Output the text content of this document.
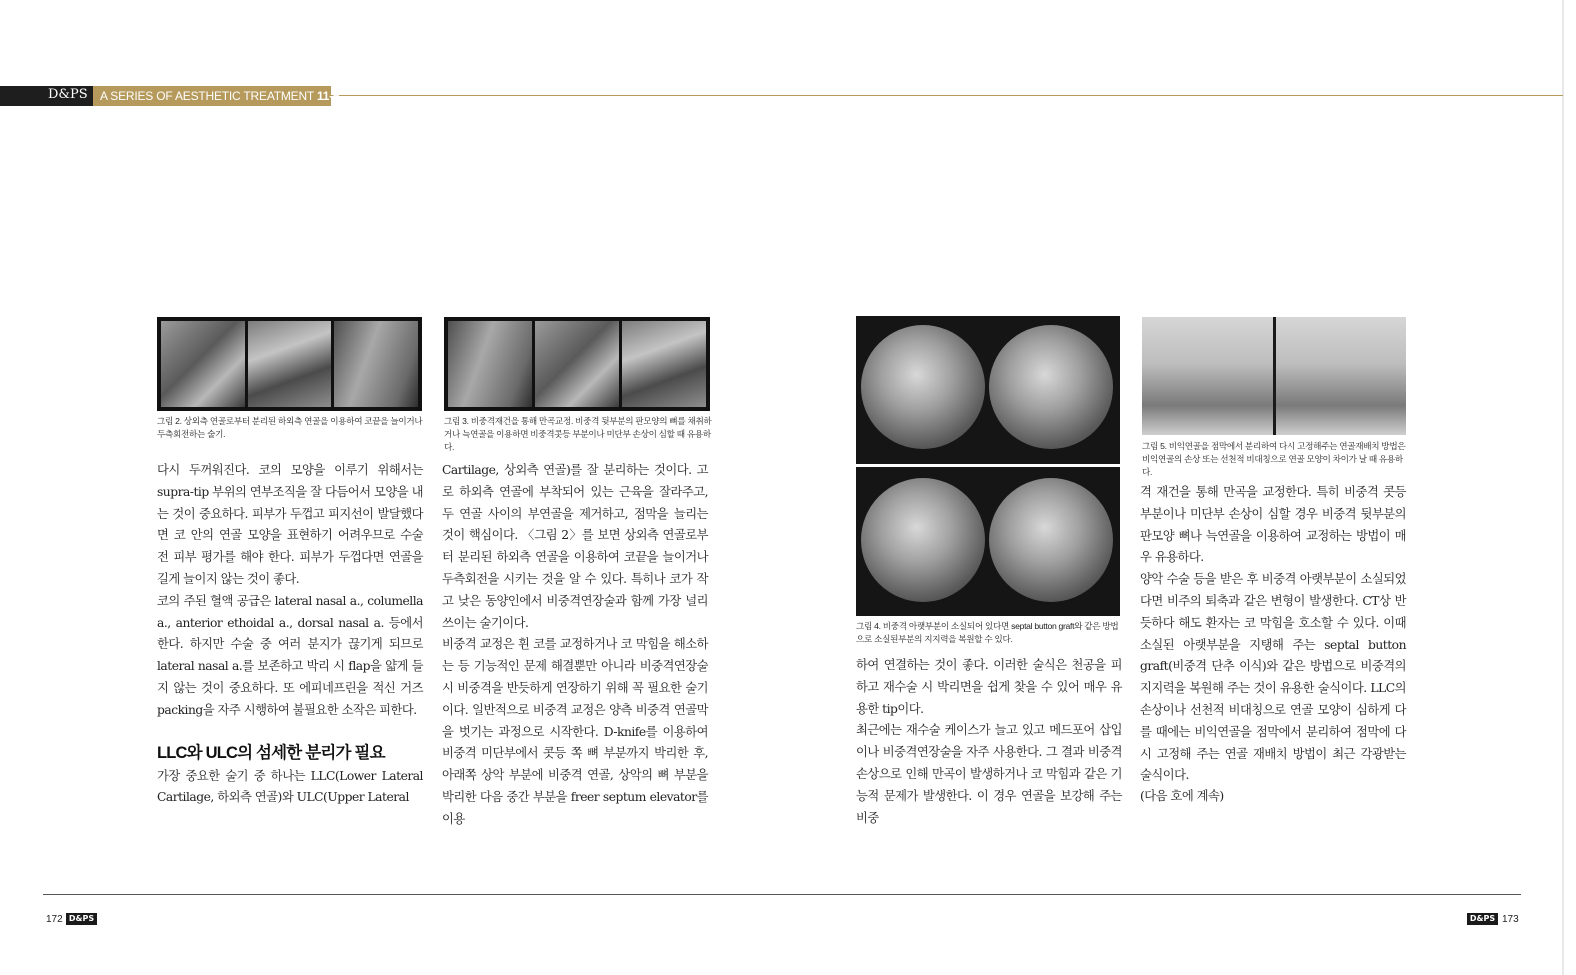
D&PS A SERIES OF AESTHETIC TREATMENT 11-6
그림 2. 상외측 연골로부터 분리된 하외측 연골을 이용하여 코끝을 늘이거나 두측회전하는 술기.
그림 3. 비중격재건을 통해 만곡교정. 비중격 뒷부분의 판모양의 뼈를 채취하거나 늑연골을 이용하면 비중격콧등 부분이나 미단부 손상이 심할 때 유용하다.
그림 4. 비중격 아랫부분이 소실되어 있다면 septal button graft와 같은 방법으로 소실된부분의 지지력을 복원할 수 있다.
그림 5. 비익연골을 점막에서 분리하여 다시 고정해주는 연골재배치 방법은 비익연골의 손상 또는 선천적 비대칭으로 연골 모양이 차이가 날 때 유용하다.

다시 두꺼워진다. 코의 모양을 이루기 위해서는 supra-tip 부위의 연부조직을 잘 다듬어서 모양을 내는 것이 중요하다. 피부가 두껍고 피지선이 발달했다면 코 안의 연골 모양을 표현하기 어려우므로 수술 전 피부 평가를 해야 한다. 피부가 두껍다면 연골을 길게 늘이지 않는 것이 좋다.

코의 주된 혈액 공급은 lateral nasal a., columella a., anterior ethoidal a., dorsal nasal a. 등에서 한다. 하지만 수술 중 여러 분지가 끊기게 되므로 lateral nasal a.를 보존하고 박리 시 flap을 얇게 들지 않는 것이 중요하다. 또 에피네프린을 적신 거즈 packing을 자주 시행하여 불필요한 소작은 피한다.

LLC와 ULC의 섬세한 분리가 필요

가장 중요한 술기 중 하나는 LLC(Lower Lateral Cartilage, 하외측 연골)와 ULC(Upper Lateral

Cartilage, 상외측 연골)를 잘 분리하는 것이다. 고로 하외측 연골에 부착되어 있는 근육을 잘라주고, 두 연골 사이의 부연골을 제거하고, 점막을 늘리는 것이 핵심이다. 〈그림 2〉를 보면 상외측 연골로부터 분리된 하외측 연골을 이용하여 코끝을 늘이거나 두측회전을 시키는 것을 알 수 있다. 특히나 코가 작고 낮은 동양인에서 비중격연장술과 함께 가장 널리 쓰이는 술기이다.

비중격 교정은 휜 코를 교정하거나 코 막힘을 해소하는 등 기능적인 문제 해결뿐만 아니라 비중격연장술시 비중격을 반듯하게 연장하기 위해 꼭 필요한 술기이다. 일반적으로 비중격 교정은 양측 비중격 연골막을 벗기는 과정으로 시작한다. D-knife를 이용하여 비중격 미단부에서 콧등 쪽 뼈 부분까지 박리한 후, 아래쪽 상악 부분에 비중격 연골, 상악의 뼈 부분을 박리한 다음 중간 부분을 freer septum elevator를 이용

하여 연결하는 것이 좋다. 이러한 술식은 천공을 피하고 재수술 시 박리면을 쉽게 찾을 수 있어 매우 유용한 tip이다.

최근에는 재수술 케이스가 늘고 있고 메드포어 삽입이나 비중격연장술을 자주 사용한다. 그 결과 비중격 손상으로 인해 만곡이 발생하거나 코 막힘과 같은 기능적 문제가 발생한다. 이 경우 연골을 보강해 주는 비중

격 재건을 통해 만곡을 교정한다. 특히 비중격 콧등 부분이나 미단부 손상이 심할 경우 비중격 뒷부분의 판모양 뼈나 늑연골을 이용하여 교정하는 방법이 매우 유용하다.

양악 수술 등을 받은 후 비중격 아랫부분이 소실되었다면 비주의 퇴축과 같은 변형이 발생한다. CT상 반듯하다 해도 환자는 코 막힘을 호소할 수 있다. 이때 소실된 아랫부분을 지탱해 주는 septal button graft(비중격 단추 이식)와 같은 방법으로 비중격의 지지력을 복원해 주는 것이 유용한 술식이다. LLC의 손상이나 선천적 비대칭으로 연골 모양이 심하게 다를 때에는 비익연골을 점막에서 분리하여 점막에 다시 고정해 주는 연골 재배치 방법이 최근 각광받는 술식이다.

(다음 호에 계속)
172 D&PS	D&PS 173
